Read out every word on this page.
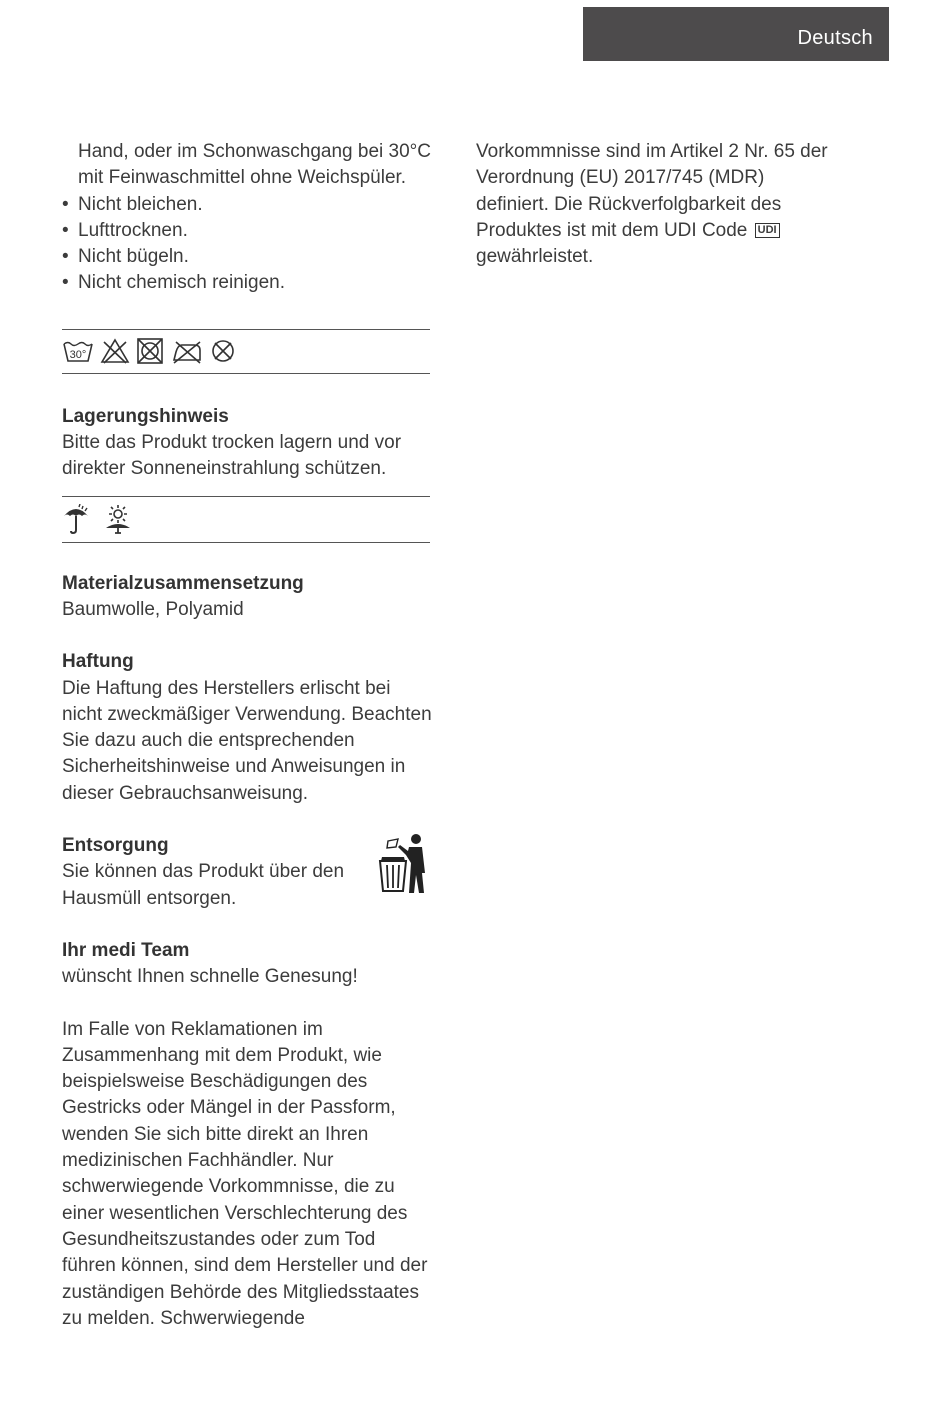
Deutsch

Hand, oder im Schonwaschgang bei 30°C mit Feinwaschmittel ohne Weichspüler.

• Nicht bleichen.
• Lufttrocknen.
• Nicht bügeln.
• Nicht chemisch reinigen.
30°

Lagerungshinweis

Bitte das Produkt trocken lagern und vor direkter Sonneneinstrahlung schützen.

Materialzusammensetzung

Baumwolle, Polyamid

Haftung

Die Haftung des Herstellers erlischt bei nicht zweckmäßiger Verwendung. Beachten Sie dazu auch die entsprechenden Sicherheitshinweise und Anweisungen in dieser Gebrauchsanweisung.

Entsorgung

Sie können das Produkt über den Hausmüll entsorgen.

Ihr medi Team

wünscht Ihnen schnelle Genesung!

Im Falle von Reklamationen im Zusammenhang mit dem Produkt, wie beispielsweise Beschädigungen des Gestricks oder Mängel in der Passform, wenden Sie sich bitte direkt an Ihren medizinischen Fachhändler. Nur schwerwiegende Vorkommnisse, die zu einer wesentlichen Verschlechterung des Gesundheitszustandes oder zum Tod führen können, sind dem Hersteller und der zuständigen Behörde des Mitgliedsstaates zu melden. Schwerwiegende

Vorkommnisse sind im Artikel 2 Nr. 65 der Verordnung (EU) 2017/745 (MDR) definiert. Die Rückverfolgbarkeit des Produktes ist mit dem UDI Code UDI gewährleistet.
